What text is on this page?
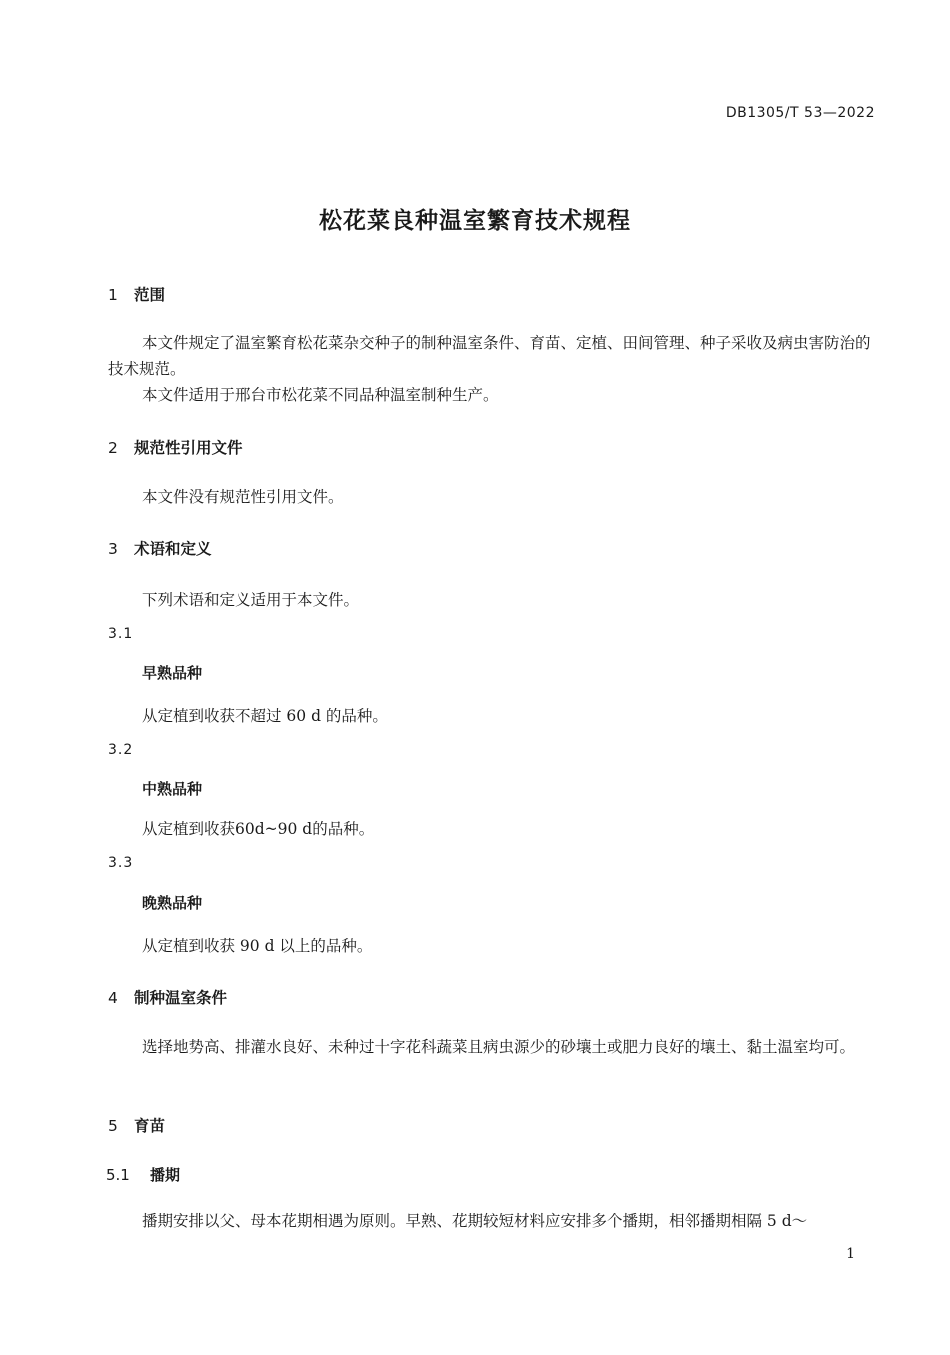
DB1305/T 53—2022
松花菜良种温室繁育技术规程
1 范围
本文件规定了温室繁育松花菜杂交种子的制种温室条件、育苗、定植、田间管理、种子采收及病虫害防治的技术规范。
本文件适用于邢台市松花菜不同品种温室制种生产。
2 规范性引用文件
本文件没有规范性引用文件。
3 术语和定义
下列术语和定义适用于本文件。
3.1
早熟品种
从定植到收获不超过 60 d 的品种。
3.2
中熟品种
从定植到收获60d~90 d的品种。
3.3
晚熟品种
从定植到收获 90 d 以上的品种。
4 制种温室条件
选择地势高、排灌水良好、未种过十字花科蔬菜且病虫源少的砂壤土或肥力良好的壤土、黏土温室均可。
5 育苗
5.1 播期
播期安排以父、母本花期相遇为原则。早熟、花期较短材料应安排多个播期，相邻播期相隔 5 d～
1
